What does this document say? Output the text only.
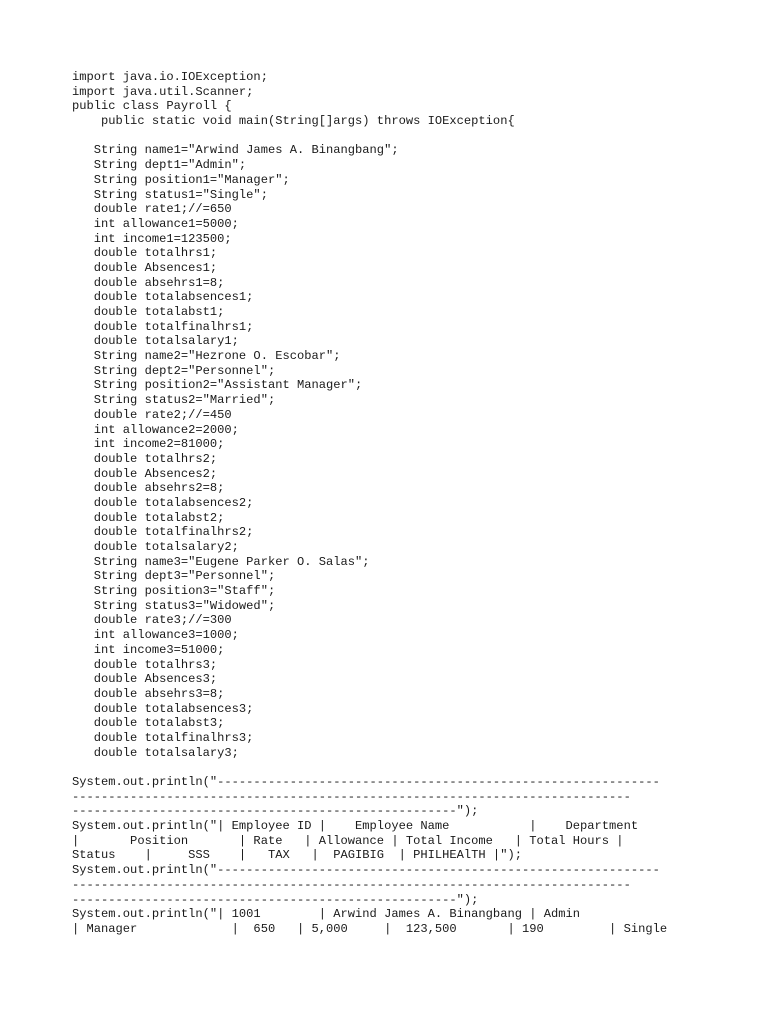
import java.io.IOException;
import java.util.Scanner;
public class Payroll {
public static void main(String[]args) throws IOException{
String name1="Arwind James A. Binangbang";
String dept1="Admin";
String position1="Manager";
String status1="Single";
double rate1;//=650
int allowance1=5000;
int income1=123500;
double totalhrs1;
double Absences1;
double absehrs1=8;
double totalabsences1;
double totalabst1;
double totalfinalhrs1;
double totalsalary1;
String name2="Hezrone O. Escobar";
String dept2="Personnel";
String position2="Assistant Manager";
String status2="Married";
double rate2;//=450
int allowance2=2000;
int income2=81000;
double totalhrs2;
double Absences2;
double absehrs2=8;
double totalabsences2;
double totalabst2;
double totalfinalhrs2;
double totalsalary2;
String name3="Eugene Parker O. Salas";
String dept3="Personnel";
String position3="Staff";
String status3="Widowed";
double rate3;//=300
int allowance3=1000;
int income3=51000;
double totalhrs3;
double Absences3;
double absehrs3=8;
double totalabsences3;
double totalabst3;
double totalfinalhrs3;
double totalsalary3;
System.out.println("-------------------------------------------------------------
-----------------------------------------------------------------------------
-----------------------------------------------------");
System.out.println("| Employee ID |    Employee Name           |    Department
|       Position       | Rate   | Allowance | Total Income   | Total Hours |
Status    |     SSS    |   TAX   |  PAGIBIG  | PHILHEAlTH |");
System.out.println("-------------------------------------------------------------
-----------------------------------------------------------------------------
-----------------------------------------------------");
System.out.println("| 1001        | Arwind James A. Binangbang | Admin
| Manager             |  650   | 5,000     |  123,500       | 190         | Single
